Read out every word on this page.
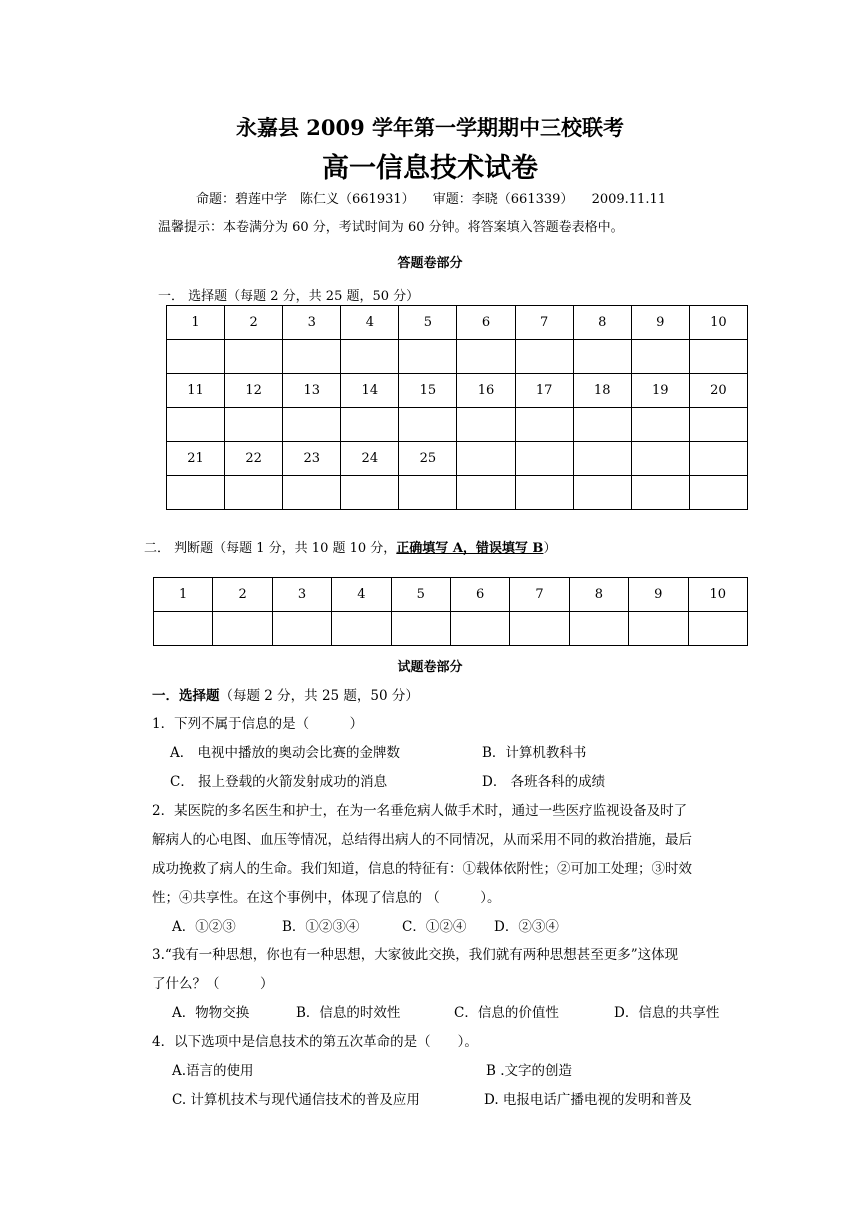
永嘉县 2009 学年第一学期期中三校联考
高一信息技术试卷
命题：碧莲中学　陈仁义（661931） 审题：李晓（661339） 2009.11.11
温馨提示：本卷满分为 60 分，考试时间为 60 分钟。将答案填入答题卷表格中。
答题卷部分
一． 选择题（每题 2 分，共 25 题，50 分）
1	2	3	4	5	6	7	8	9	10

11	12	13	14	15	16	17	18	19	20

21	22	23	24	25					

二． 判断题（每题 1 分，共 10 题 10 分，正确填写 A，错误填写 B）
1	2	3	4	5	6	7	8	9	10

试题卷部分
一．选择题（每题 2 分，共 25 题，50 分）
1．下列不属于信息的是（　　　）
A． 电视中播放的奥动会比赛的金牌数	B．计算机教科书
C． 报上登载的火箭发射成功的消息	D． 各班各科的成绩
2．某医院的多名医生和护士，在为一名垂危病人做手术时，通过一些医疗监视设备及时了
解病人的心电图、血压等情况，总结得出病人的不同情况，从而采用不同的救治措施，最后
成功挽救了病人的生命。我们知道，信息的特征有：①载体依附性；②可加工处理；③时效
性；④共享性。在这个事例中，体现了信息的 （　　　）。
A．①②③	B．①②③④	C．①②④ D．②③④
3.“我有一种思想，你也有一种思想，大家彼此交换，我们就有两种思想甚至更多”这体现
了什么？（　　　）
A．物物交换	B．信息的时效性	C．信息的价值性	D．信息的共享性
4．以下选项中是信息技术的第五次革命的是（　　）。
A.语言的使用	B .文字的创造
C. 计算机技术与现代通信技术的普及应用	D. 电报电话广播电视的发明和普及
